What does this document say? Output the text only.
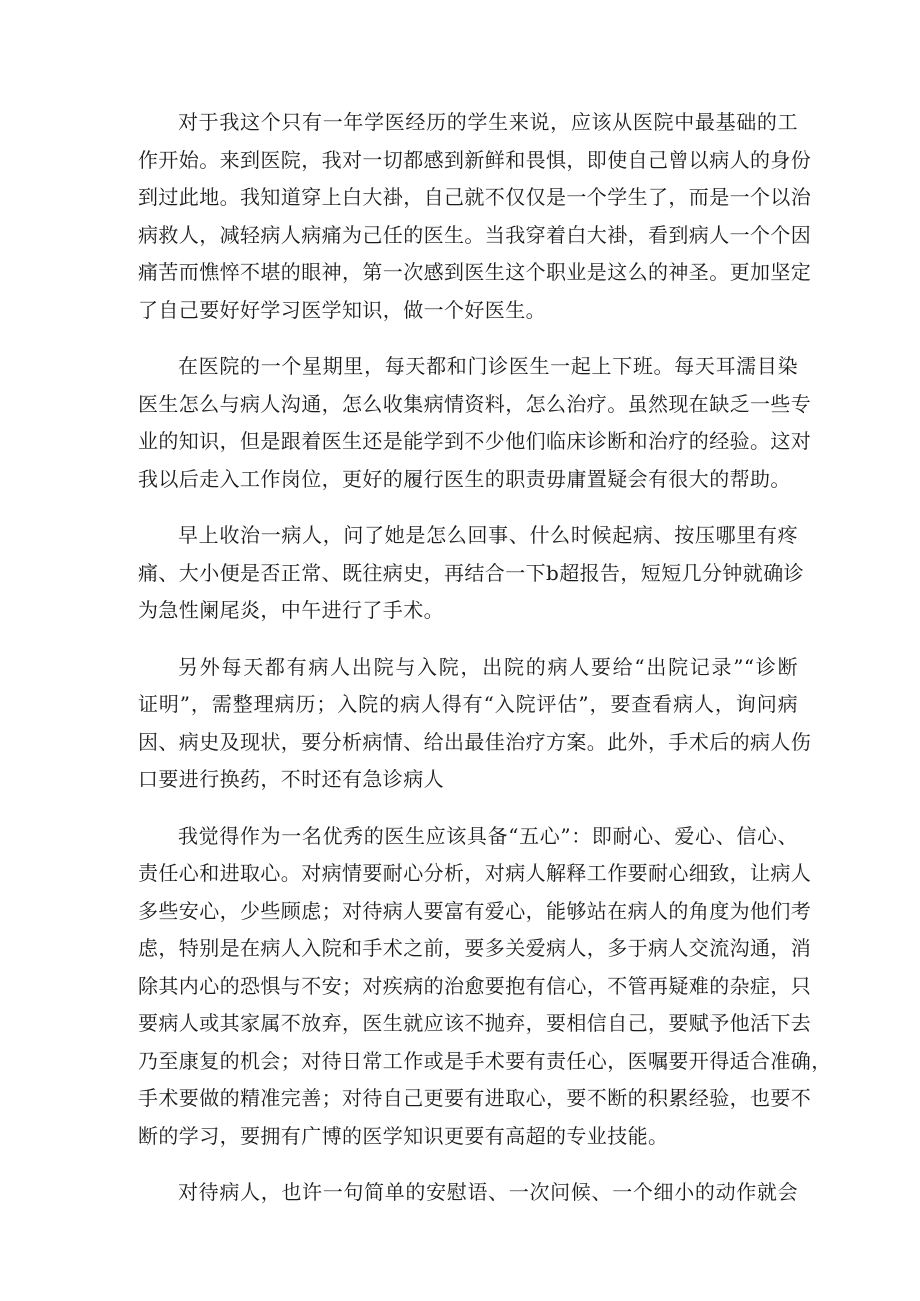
对于我这个只有一年学医经历的学生来说，应该从医院中最基础的工
作开始。来到医院，我对一切都感到新鲜和畏惧，即使自己曾以病人的身份
到过此地。我知道穿上白大褂，自己就不仅仅是一个学生了，而是一个以治
病救人，减轻病人病痛为己任的医生。当我穿着白大褂，看到病人一个个因
痛苦而憔悴不堪的眼神，第一次感到医生这个职业是这么的神圣。更加坚定
了自己要好好学习医学知识，做一个好医生。
在医院的一个星期里，每天都和门诊医生一起上下班。每天耳濡目染
医生怎么与病人沟通，怎么收集病情资料，怎么治疗。虽然现在缺乏一些专
业的知识，但是跟着医生还是能学到不少他们临床诊断和治疗的经验。这对
我以后走入工作岗位，更好的履行医生的职责毋庸置疑会有很大的帮助。
早上收治一病人，问了她是怎么回事、什么时候起病、按压哪里有疼
痛、大小便是否正常、既往病史，再结合一下b超报告，短短几分钟就确诊
为急性阑尾炎，中午进行了手术。
另外每天都有病人出院与入院，出院的病人要给“出院记录”“诊断
证明”，需整理病历；入院的病人得有“入院评估”，要查看病人，询问病
因、病史及现状，要分析病情、给出最佳治疗方案。此外，手术后的病人伤
口要进行换药，不时还有急诊病人
我觉得作为一名优秀的医生应该具备“五心”：即耐心、爱心、信心、
责任心和进取心。对病情要耐心分析，对病人解释工作要耐心细致，让病人
多些安心，少些顾虑；对待病人要富有爱心，能够站在病人的角度为他们考
虑，特别是在病人入院和手术之前，要多关爱病人，多于病人交流沟通，消
除其内心的恐惧与不安；对疾病的治愈要抱有信心，不管再疑难的杂症，只
要病人或其家属不放弃，医生就应该不抛弃，要相信自己，要赋予他活下去
乃至康复的机会；对待日常工作或是手术要有责任心，医嘱要开得适合准确，
手术要做的精准完善；对待自己更要有进取心，要不断的积累经验，也要不
断的学习，要拥有广博的医学知识更要有高超的专业技能。
对待病人，也许一句简单的安慰语、一次问候、一个细小的动作就会
